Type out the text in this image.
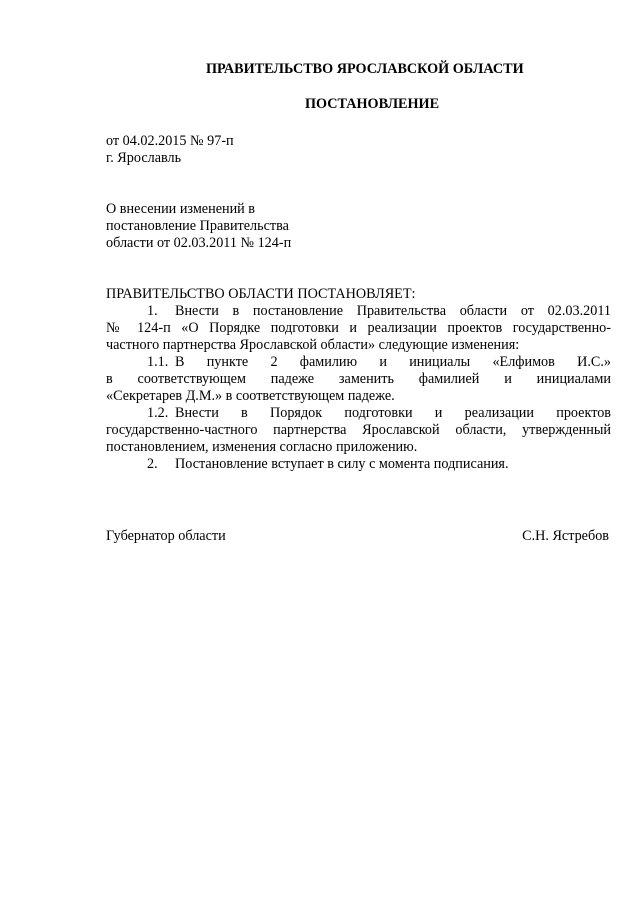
ПРАВИТЕЛЬСТВО ЯРОСЛАВСКОЙ ОБЛАСТИ
ПОСТАНОВЛЕНИЕ
от 04.02.2015 № 97-п
г. Ярославль
О внесении изменений в
постановление Правительства
области от 02.03.2011 № 124-п
ПРАВИТЕЛЬСТВО ОБЛАСТИ ПОСТАНОВЛЯЕТ:
1. Внести в постановление Правительства области от 02.03.2011
№ 124-п «О Порядке подготовки и реализации проектов государственно-
частного партнерства Ярославской области» следующие изменения:
1.1. В пункте 2 фамилию и инициалы «Елфимов И.С.»
в соответствующем падеже заменить фамилией и инициалами
«Секретарев Д.М.» в соответствующем падеже.
1.2. Внести в Порядок подготовки и реализации проектов
государственно-частного партнерства Ярославской области, утвержденный
постановлением, изменения согласно приложению.
2. Постановление вступает в силу с момента подписания.
Губернатор области	С.Н. Ястребов
